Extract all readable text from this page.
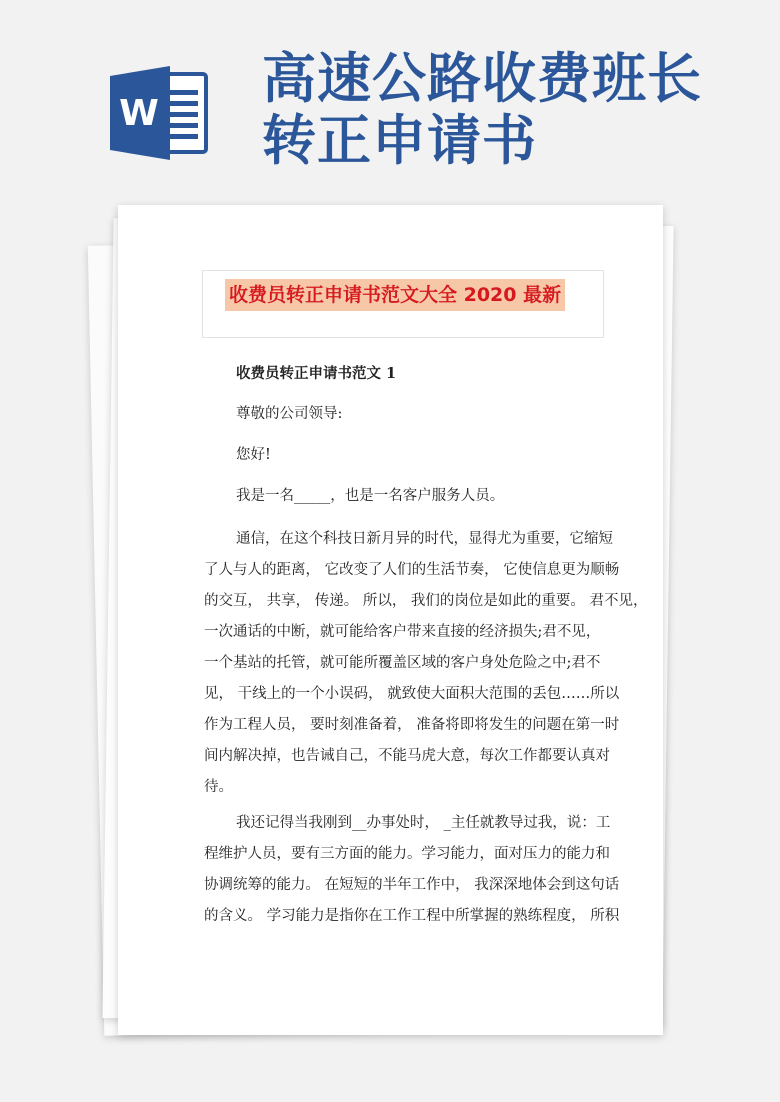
W
高速公路收费班长
转正申请书
收费员转正申请书范文大全 2020 最新
收费员转正申请书范文 1
尊敬的公司领导:
您好!
我是一名_____，也是一名客户服务人员。
通信，在这个科技日新月异的时代，显得尤为重要，它缩短
了人与人的距离， 它改变了人们的生活节奏， 它使信息更为顺畅
的交互， 共享， 传递。 所以， 我们的岗位是如此的重要。 君不见，
一次通话的中断，就可能给客户带来直接的经济损失;君不见，
一个基站的托管，就可能所覆盖区域的客户身处危险之中;君不
见， 干线上的一个小误码， 就致使大面积大范围的丢包……所以
作为工程人员， 要时刻准备着， 准备将即将发生的问题在第一时
间内解决掉，也告诫自己，不能马虎大意，每次工作都要认真对
待。
我还记得当我刚到__办事处时， _主任就教导过我，说：工
程维护人员，要有三方面的能力。学习能力，面对压力的能力和
协调统筹的能力。 在短短的半年工作中， 我深深地体会到这句话
的含义。 学习能力是指你在工作工程中所掌握的熟练程度， 所积
